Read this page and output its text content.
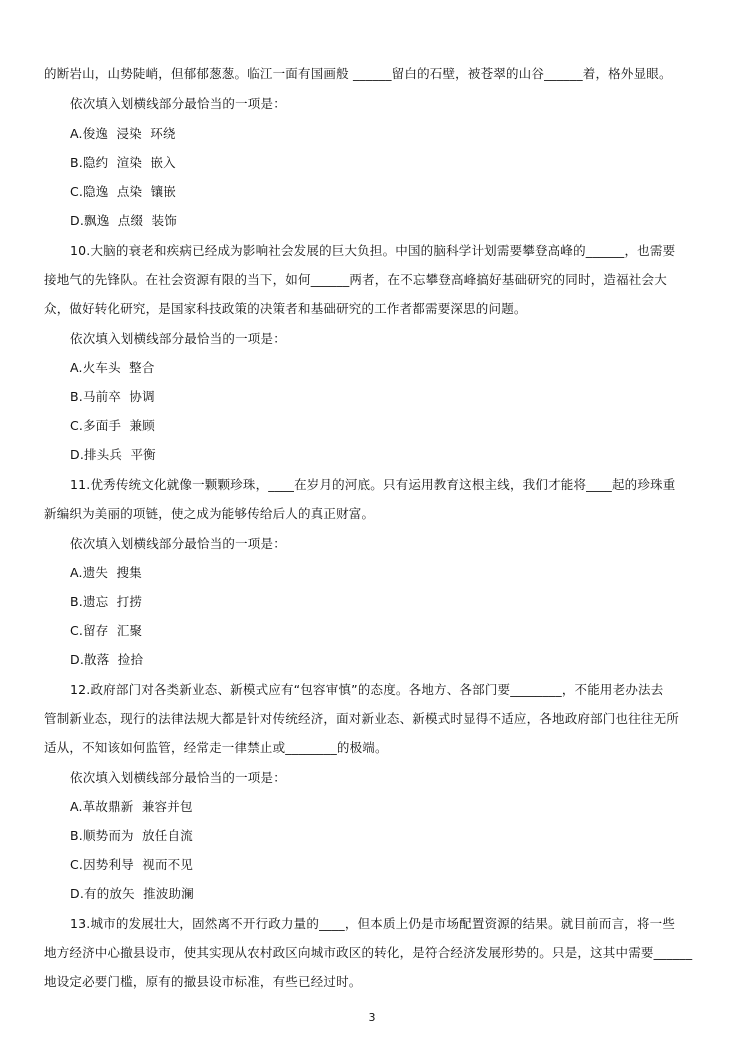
的断岩山，山势陡峭，但郁郁葱葱。临江一面有国画般 ______留白的石壁，被苍翠的山谷______着，格外显眼。
依次填入划横线部分最恰当的一项是：
A.俊逸  浸染  环绕
B.隐约  渲染  嵌入
C.隐逸  点染  镶嵌
D.飘逸  点缀  装饰
10.大脑的衰老和疾病已经成为影响社会发展的巨大负担。中国的脑科学计划需要攀登高峰的______，也需要
接地气的先锋队。在社会资源有限的当下，如何______两者，在不忘攀登高峰搞好基础研究的同时，造福社会大
众，做好转化研究，是国家科技政策的决策者和基础研究的工作者都需要深思的问题。
依次填入划横线部分最恰当的一项是：
A.火车头  整合
B.马前卒  协调
C.多面手  兼顾
D.排头兵  平衡
11.优秀传统文化就像一颗颗珍珠，____在岁月的河底。只有运用教育这根主线，我们才能将____起的珍珠重
新编织为美丽的项链，使之成为能够传给后人的真正财富。
依次填入划横线部分最恰当的一项是：
A.遗失  搜集
B.遗忘  打捞
C.留存  汇聚
D.散落  捡拾
12.政府部门对各类新业态、新模式应有“包容审慎”的态度。各地方、各部门要________，不能用老办法去
管制新业态，现行的法律法规大都是针对传统经济，面对新业态、新模式时显得不适应，各地政府部门也往往无所
适从，不知该如何监管，经常走一律禁止或________的极端。
依次填入划横线部分最恰当的一项是：
A.革故鼎新  兼容并包
B.顺势而为  放任自流
C.因势利导  视而不见
D.有的放矢  推波助澜
13.城市的发展壮大，固然离不开行政力量的____，但本质上仍是市场配置资源的结果。就目前而言，将一些
地方经济中心撤县设市，使其实现从农村政区向城市政区的转化，是符合经济发展形势的。只是，这其中需要______
地设定必要门槛，原有的撤县设市标准，有些已经过时。
3
